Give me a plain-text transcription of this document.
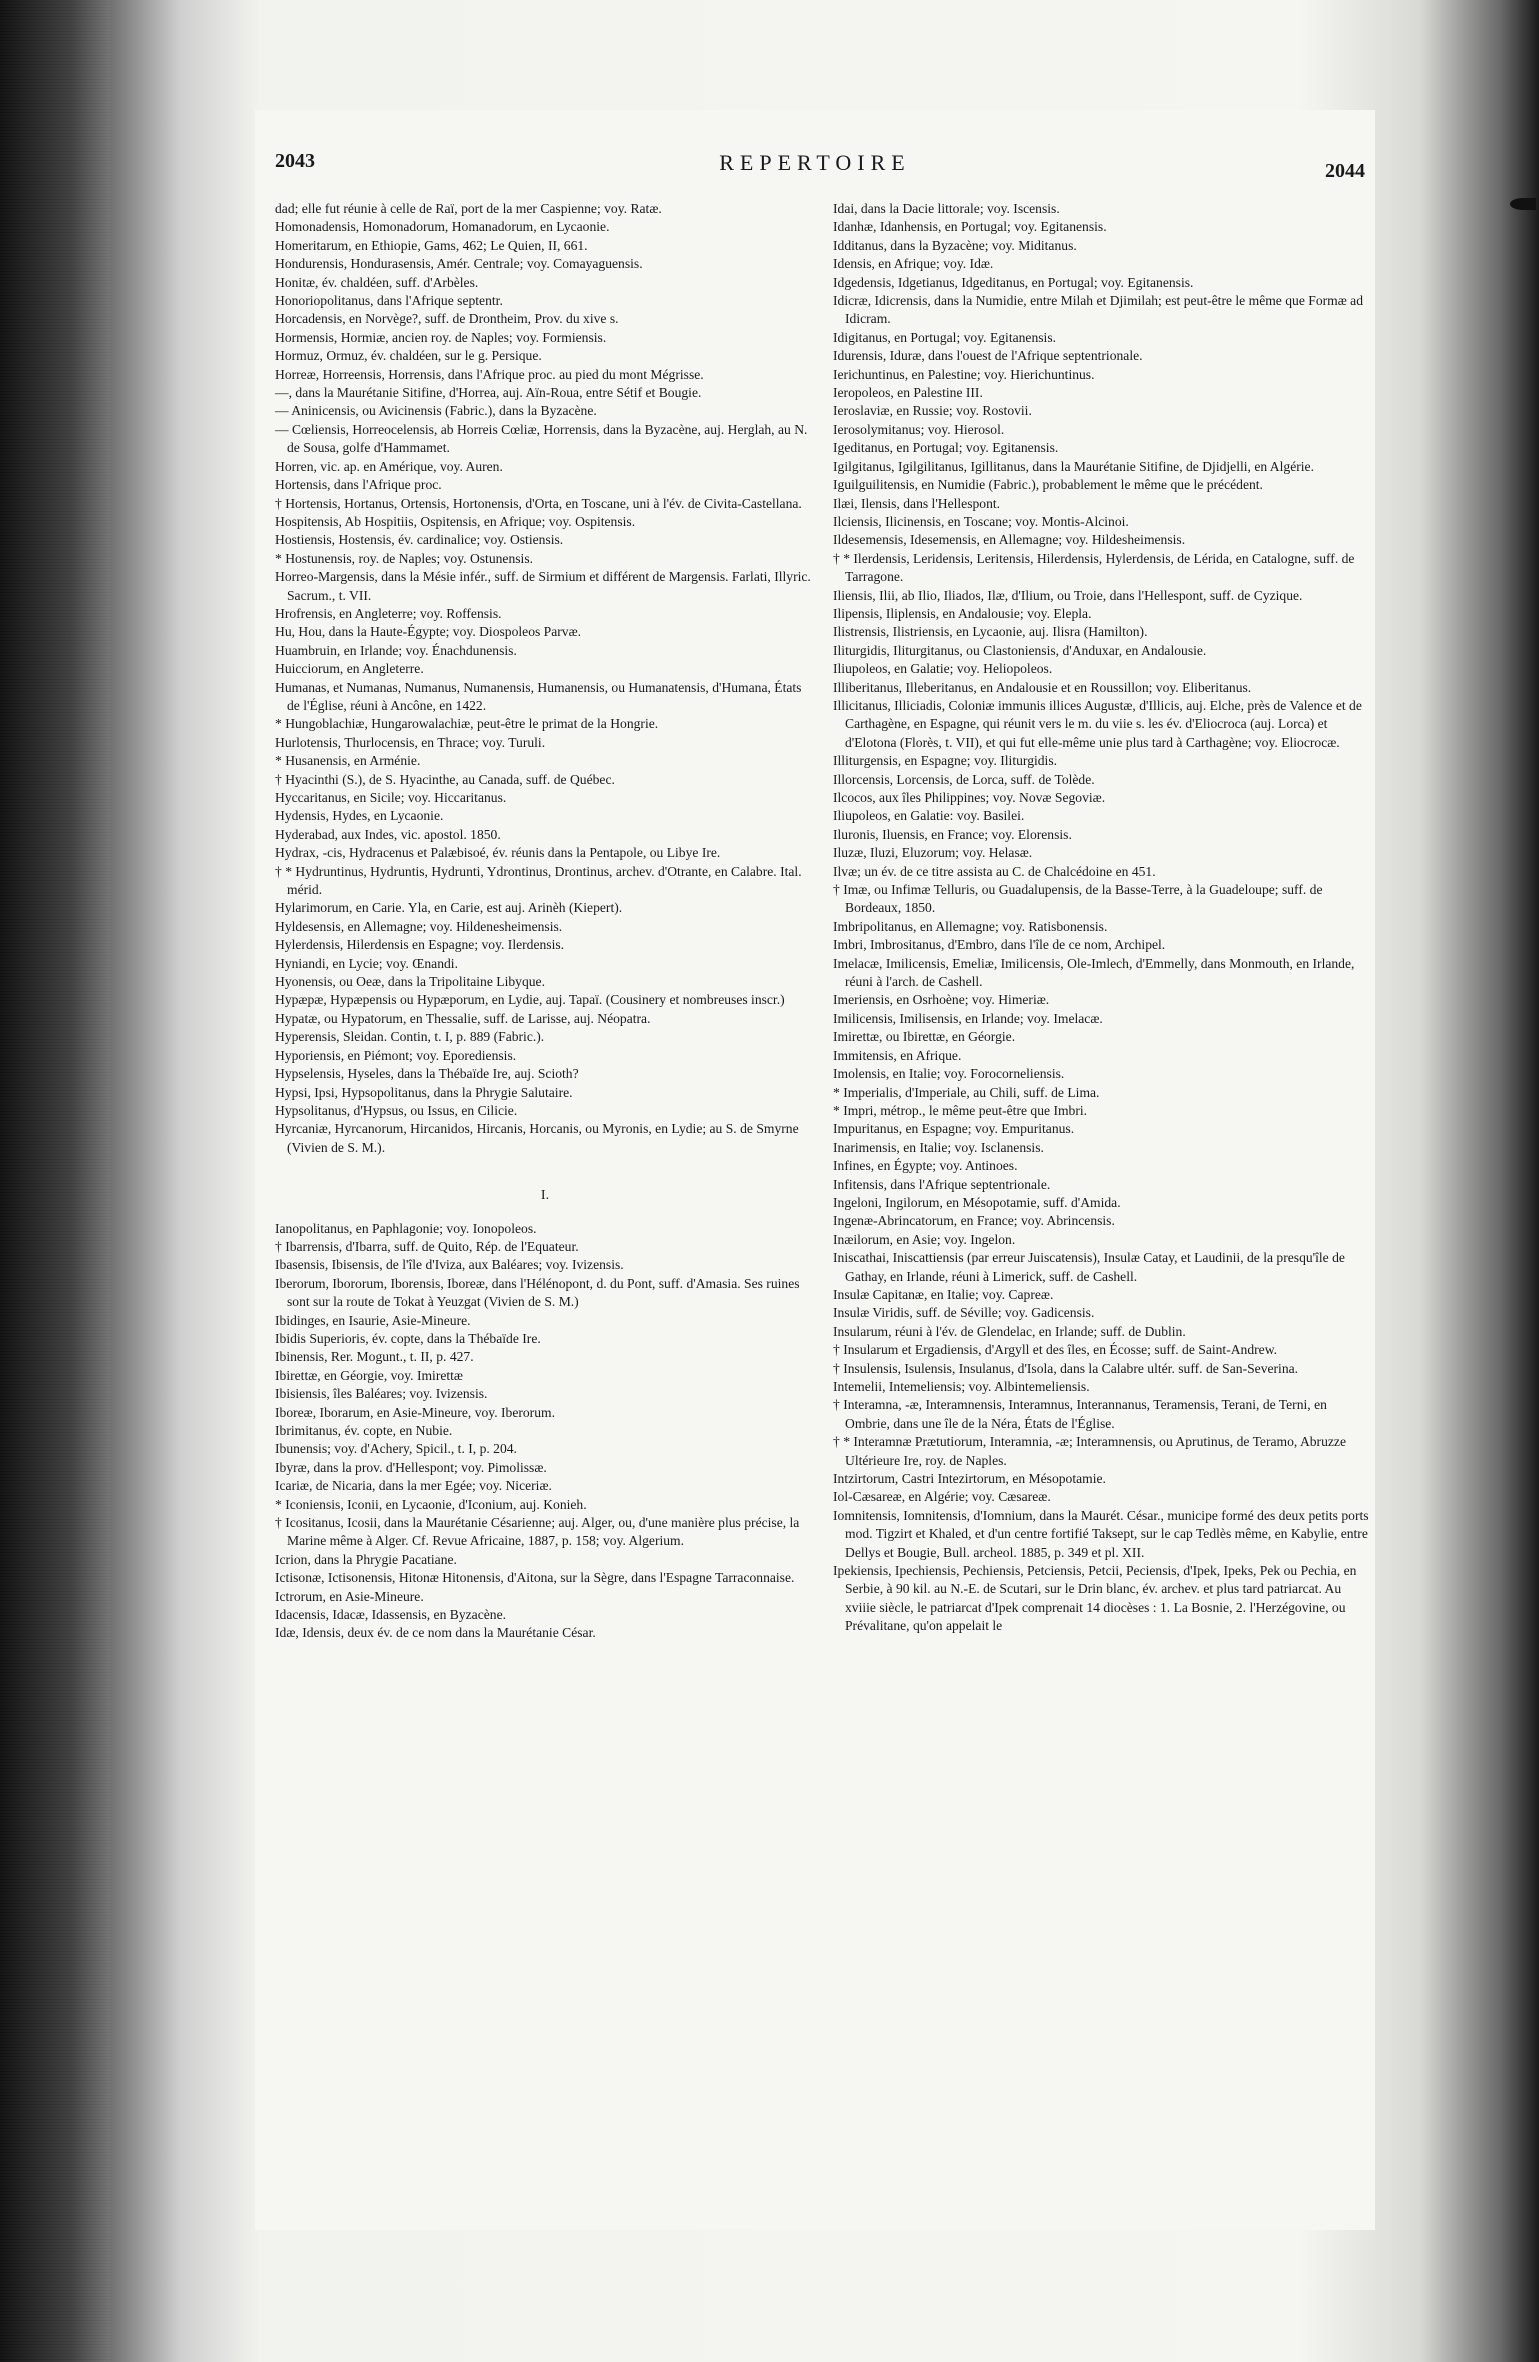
2043	REPERTOIRE	2044

dad; elle fut réunie à celle de Raï, port de la mer Caspienne; voy. Ratæ.

Homonadensis, Homonadorum, Homanadorum, en Lycaonie.

Homeritarum, en Ethiopie, Gams, 462; Le Quien, II, 661.

Hondurensis, Hondurasensis, Amér. Centrale; voy. Comayaguensis.

Honitæ, év. chaldéen, suff. d'Arbèles.

Honoriopolitanus, dans l'Afrique septentr.

Horcadensis, en Norvège?, suff. de Drontheim, Prov. du xive s.

Hormensis, Hormiæ, ancien roy. de Naples; voy. Formiensis.

Hormuz, Ormuz, év. chaldéen, sur le g. Persique.

Horreæ, Horreensis, Horrensis, dans l'Afrique proc. au pied du mont Mégrisse.

—, dans la Maurétanie Sitifine, d'Horrea, auj. Aïn-Roua, entre Sétif et Bougie.

— Aninicensis, ou Avicinensis (Fabric.), dans la Byzacène.

— Cœliensis, Horreocelensis, ab Horreis Cœliæ, Horrensis, dans la Byzacène, auj. Herglah, au N. de Sousa, golfe d'Hammamet.

Horren, vic. ap. en Amérique, voy. Auren.

Hortensis, dans l'Afrique proc.

† Hortensis, Hortanus, Ortensis, Hortonensis, d'Orta, en Toscane, uni à l'év. de Civita-Castellana.

Hospitensis, Ab Hospitiis, Ospitensis, en Afrique; voy. Ospitensis.

Hostiensis, Hostensis, év. cardinalice; voy. Ostiensis.

* Hostunensis, roy. de Naples; voy. Ostunensis.

Horreo-Margensis, dans la Mésie infér., suff. de Sirmium et différent de Margensis. Farlati, Illyric. Sacrum., t. VII.

Hrofrensis, en Angleterre; voy. Roffensis.

Hu, Hou, dans la Haute-Égypte; voy. Diospoleos Parvæ.

Huambruin, en Irlande; voy. Énachdunensis.

Huicciorum, en Angleterre.

Humanas, et Numanas, Numanus, Numanensis, Humanensis, ou Humanatensis, d'Humana, États de l'Église, réuni à Ancône, en 1422.

* Hungoblachiæ, Hungarowalachiæ, peut-être le primat de la Hongrie.

Hurlotensis, Thurlocensis, en Thrace; voy. Turuli.

* Husanensis, en Arménie.

† Hyacinthi (S.), de S. Hyacinthe, au Canada, suff. de Québec.

Hyccaritanus, en Sicile; voy. Hiccaritanus.

Hydensis, Hydes, en Lycaonie.

Hyderabad, aux Indes, vic. apostol. 1850.

Hydrax, -cis, Hydracenus et Palæbisoé, év. réunis dans la Pentapole, ou Libye Ire.

† * Hydruntinus, Hydruntis, Hydrunti, Ydrontinus, Drontinus, archev. d'Otrante, en Calabre. Ital. mérid.

Hylarimorum, en Carie. Yla, en Carie, est auj. Arinèh (Kiepert).

Hyldesensis, en Allemagne; voy. Hildenesheimensis.

Hylerdensis, Hilerdensis en Espagne; voy. Ilerdensis.

Hyniandi, en Lycie; voy. Œnandi.

Hyonensis, ou Oeæ, dans la Tripolitaine Libyque.

Hypæpæ, Hypæpensis ou Hypæporum, en Lydie, auj. Tapaï. (Cousinery et nombreuses inscr.)

Hypatæ, ou Hypatorum, en Thessalie, suff. de Larisse, auj. Néopatra.

Hyperensis, Sleidan. Contin, t. I, p. 889 (Fabric.).

Hyporiensis, en Piémont; voy. Eporediensis.

Hypselensis, Hyseles, dans la Thébaïde Ire, auj. Scioth?

Hypsi, Ipsi, Hypsopolitanus, dans la Phrygie Salutaire.

Hypsolitanus, d'Hypsus, ou Issus, en Cilicie.

Hyrcaniæ, Hyrcanorum, Hircanidos, Hircanis, Horcanis, ou Myronis, en Lydie; au S. de Smyrne (Vivien de S. M.).

I.

Ianopolitanus, en Paphlagonie; voy. Ionopoleos.

† Ibarrensis, d'Ibarra, suff. de Quito, Rép. de l'Equateur.

Ibasensis, Ibisensis, de l'île d'Iviza, aux Baléares; voy. Ivizensis.

Iberorum, Ibororum, Iborensis, Iboreæ, dans l'Hélénopont, d. du Pont, suff. d'Amasia. Ses ruines sont sur la route de Tokat à Yeuzgat (Vivien de S. M.)

Ibidinges, en Isaurie, Asie-Mineure.

Ibidis Superioris, év. copte, dans la Thébaïde Ire.

Ibinensis, Rer. Mogunt., t. II, p. 427.

Ibirettæ, en Géorgie, voy. Imirettæ

Ibisiensis, îles Baléares; voy. Ivizensis.

Iboreæ, Iborarum, en Asie-Mineure, voy. Iberorum.

Ibrimitanus, év. copte, en Nubie.

Ibunensis; voy. d'Achery, Spicil., t. I, p. 204.

Ibyræ, dans la prov. d'Hellespont; voy. Pimolissæ.

Icariæ, de Nicaria, dans la mer Egée; voy. Niceriæ.

* Iconiensis, Iconii, en Lycaonie, d'Iconium, auj. Konieh.

† Icositanus, Icosii, dans la Maurétanie Césarienne; auj. Alger, ou, d'une manière plus précise, la Marine même à Alger. Cf. Revue Africaine, 1887, p. 158; voy. Algerium.

Icrion, dans la Phrygie Pacatiane.

Ictisonæ, Ictisonensis, Hitonæ Hitonensis, d'Aitona, sur la Sègre, dans l'Espagne Tarraconnaise.

Ictrorum, en Asie-Mineure.

Idacensis, Idacæ, Idassensis, en Byzacène.

Idæ, Idensis, deux év. de ce nom dans la Maurétanie César.

Idai, dans la Dacie littorale; voy. Iscensis.

Idanhæ, Idanhensis, en Portugal; voy. Egitanensis.

Idditanus, dans la Byzacène; voy. Miditanus.

Idensis, en Afrique; voy. Idæ.

Idgedensis, Idgetianus, Idgeditanus, en Portugal; voy. Egitanensis.

Idicræ, Idicrensis, dans la Numidie, entre Milah et Djimilah; est peut-être le même que Formæ ad Idicram.

Idigitanus, en Portugal; voy. Egitanensis.

Idurensis, Iduræ, dans l'ouest de l'Afrique septentrionale.

Ierichuntinus, en Palestine; voy. Hierichuntinus.

Ieropoleos, en Palestine III.

Ieroslaviæ, en Russie; voy. Rostovii.

Ierosolymitanus; voy. Hierosol.

Igeditanus, en Portugal; voy. Egitanensis.

Igilgitanus, Igilgilitanus, Igillitanus, dans la Maurétanie Sitifine, de Djidjelli, en Algérie.

Iguilguilitensis, en Numidie (Fabric.), probablement le même que le précédent.

Ilæi, Ilensis, dans l'Hellespont.

Ilciensis, Ilicinensis, en Toscane; voy. Montis-Alcinoi.

Ildesemensis, Idesemensis, en Allemagne; voy. Hildesheimensis.

† * Ilerdensis, Leridensis, Leritensis, Hilerdensis, Hylerdensis, de Lérida, en Catalogne, suff. de Tarragone.

Iliensis, Ilii, ab Ilio, Iliados, Ilæ, d'Ilium, ou Troie, dans l'Hellespont, suff. de Cyzique.

Ilipensis, Iliplensis, en Andalousie; voy. Elepla.

Ilistrensis, Ilistriensis, en Lycaonie, auj. Ilisra (Hamilton).

Iliturgidis, Iliturgitanus, ou Clastoniensis, d'Anduxar, en Andalousie.

Iliupoleos, en Galatie; voy. Heliopoleos.

Illiberitanus, Illeberitanus, en Andalousie et en Roussillon; voy. Eliberitanus.

Illicitanus, Illiciadis, Coloniæ immunis illices Augustæ, d'Illicis, auj. Elche, près de Valence et de Carthagène, en Espagne, qui réunit vers le m. du viie s. les év. d'Eliocroca (auj. Lorca) et d'Elotona (Florès, t. VII), et qui fut elle-même unie plus tard à Carthagène; voy. Eliocrocæ.

Illiturgensis, en Espagne; voy. Iliturgidis.

Illorcensis, Lorcensis, de Lorca, suff. de Tolède.

Ilcocos, aux îles Philippines; voy. Novæ Segoviæ.

Iliupoleos, en Galatie: voy. Basilei.

Iluronis, Iluensis, en France; voy. Elorensis.

Iluzæ, Iluzi, Eluzorum; voy. Helasæ.

Ilvæ; un év. de ce titre assista au C. de Chalcédoine en 451.

† Imæ, ou Infimæ Telluris, ou Guadalupensis, de la Basse-Terre, à la Guadeloupe; suff. de Bordeaux, 1850.

Imbripolitanus, en Allemagne; voy. Ratisbonensis.

Imbri, Imbrositanus, d'Embro, dans l'île de ce nom, Archipel.

Imelacæ, Imilicensis, Emeliæ, Imilicensis, Ole-Imlech, d'Emmelly, dans Monmouth, en Irlande, réuni à l'arch. de Cashell.

Imeriensis, en Osrhoène; voy. Himeriæ.

Imilicensis, Imilisensis, en Irlande; voy. Imelacæ.

Imirettæ, ou Ibirettæ, en Géorgie.

Immitensis, en Afrique.

Imolensis, en Italie; voy. Forocorneliensis.

* Imperialis, d'Imperiale, au Chili, suff. de Lima.

* Impri, métrop., le même peut-être que Imbri.

Impuritanus, en Espagne; voy. Empuritanus.

Inarimensis, en Italie; voy. Isclanensis.

Infines, en Égypte; voy. Antinoes.

Infitensis, dans l'Afrique septentrionale.

Ingeloni, Ingilorum, en Mésopotamie, suff. d'Amida.

Ingenæ-Abrincatorum, en France; voy. Abrincensis.

Inæilorum, en Asie; voy. Ingelon.

Iniscathai, Iniscattiensis (par erreur Juiscatensis), Insulæ Catay, et Laudinii, de la presqu'île de Gathay, en Irlande, réuni à Limerick, suff. de Cashell.

Insulæ Capitanæ, en Italie; voy. Capreæ.

Insulæ Viridis, suff. de Séville; voy. Gadicensis.

Insularum, réuni à l'év. de Glendelac, en Irlande; suff. de Dublin.

† Insularum et Ergadiensis, d'Argyll et des îles, en Écosse; suff. de Saint-Andrew.

† Insulensis, Isulensis, Insulanus, d'Isola, dans la Calabre ultér. suff. de San-Severina.

Intemelii, Intemeliensis; voy. Albintemeliensis.

† Interamna, -æ, Interamnensis, Interamnus, Interannanus, Teramensis, Terani, de Terni, en Ombrie, dans une île de la Néra, États de l'Église.

† * Interamnæ Prætutiorum, Interamnia, -æ; Interamnensis, ou Aprutinus, de Teramo, Abruzze Ultérieure Ire, roy. de Naples.

Intzirtorum, Castri Intezirtorum, en Mésopotamie.

Iol-Cæsareæ, en Algérie; voy. Cæsareæ.

Iomnitensis, Iomnitensis, d'Iomnium, dans la Maurét. César., municipe formé des deux petits ports mod. Tigzirt et Khaled, et d'un centre fortifié Taksept, sur le cap Tedlès même, en Kabylie, entre Dellys et Bougie, Bull. archeol. 1885, p. 349 et pl. XII.

Ipekiensis, Ipechiensis, Pechiensis, Petciensis, Petcii, Peciensis, d'Ipek, Ipeks, Pek ou Pechia, en Serbie, à 90 kil. au N.-E. de Scutari, sur le Drin blanc, év. archev. et plus tard patriarcat. Au xviiie siècle, le patriarcat d'Ipek comprenait 14 diocèses : 1. La Bosnie, 2. l'Herzégovine, ou Prévalitane, qu'on appelait le
